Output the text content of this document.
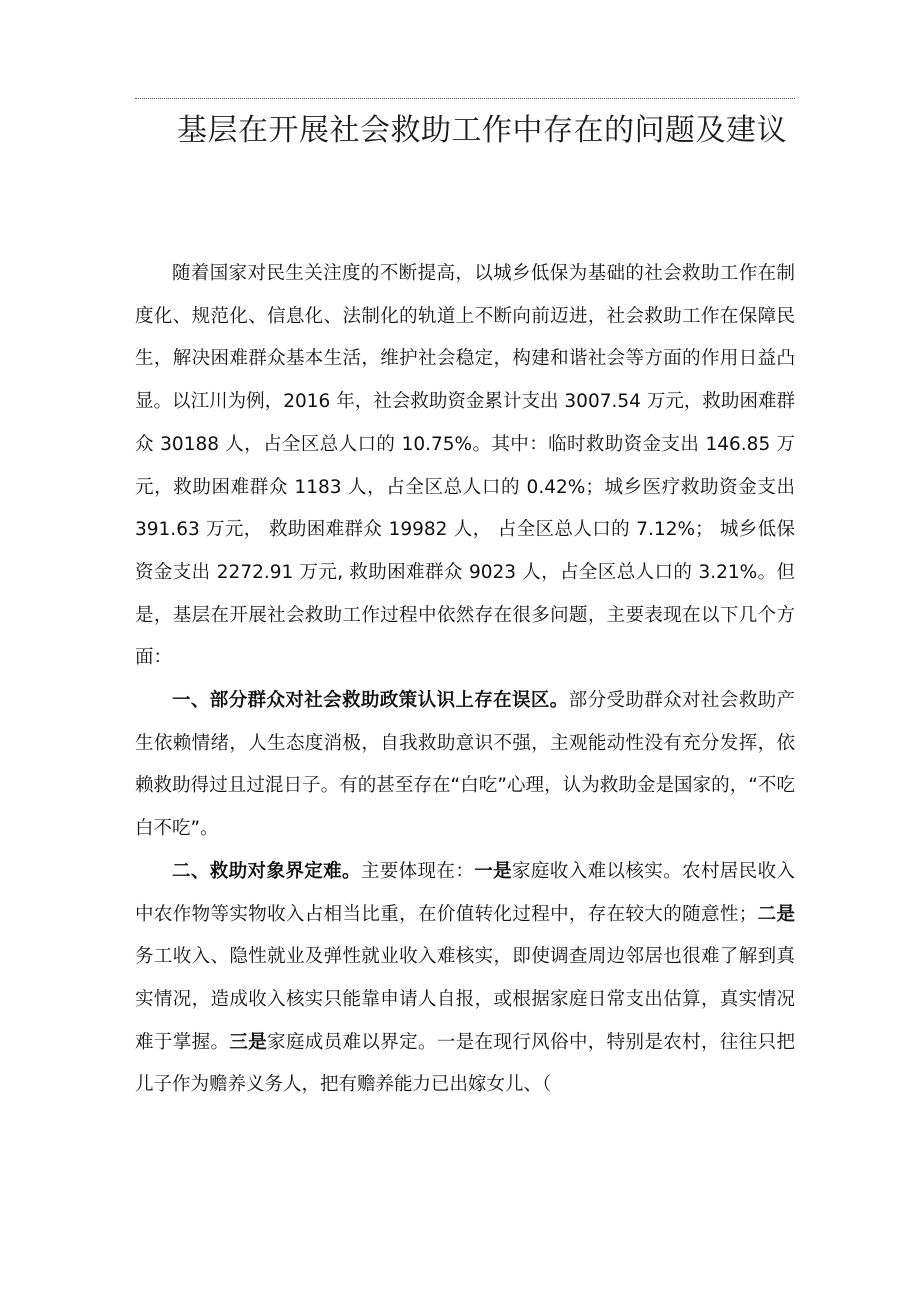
基层在开展社会救助工作中存在的问题及建议

随着国家对民生关注度的不断提高，以城乡低保为基础的社会救助工作在制度化、规范化、信息化、法制化的轨道上不断向前迈进，社会救助工作在保障民生，解决困难群众基本生活，维护社会稳定，构建和谐社会等方面的作用日益凸显。以江川为例，2016 年，社会救助资金累计支出 3007.54 万元，救助困难群众 30188 人，占全区总人口的 10.75%。其中：临时救助资金支出 146.85 万元，救助困难群众 1183 人，占全区总人口的 0.42%；城乡医疗救助资金支出 391.63 万元， 救助困难群众 19982 人， 占全区总人口的 7.12%； 城乡低保资金支出 2272.91 万元, 救助困难群众 9023 人，占全区总人口的 3.21%。但是，基层在开展社会救助工作过程中依然存在很多问题，主要表现在以下几个方面：

一、部分群众对社会救助政策认识上存在误区。部分受助群众对社会救助产生依赖情绪，人生态度消极，自我救助意识不强，主观能动性没有充分发挥，依赖救助得过且过混日子。有的甚至存在“白吃”心理，认为救助金是国家的，“不吃白不吃”。

二、救助对象界定难。主要体现在：一是家庭收入难以核实。农村居民收入中农作物等实物收入占相当比重，在价值转化过程中，存在较大的随意性；二是务工收入、隐性就业及弹性就业收入难核实，即使调查周边邻居也很难了解到真实情况，造成收入核实只能靠申请人自报，或根据家庭日常支出估算，真实情况难于掌握。三是家庭成员难以界定。一是在现行风俗中，特别是农村，往往只把儿子作为赡养义务人，把有赡养能力已出嫁女儿、（
